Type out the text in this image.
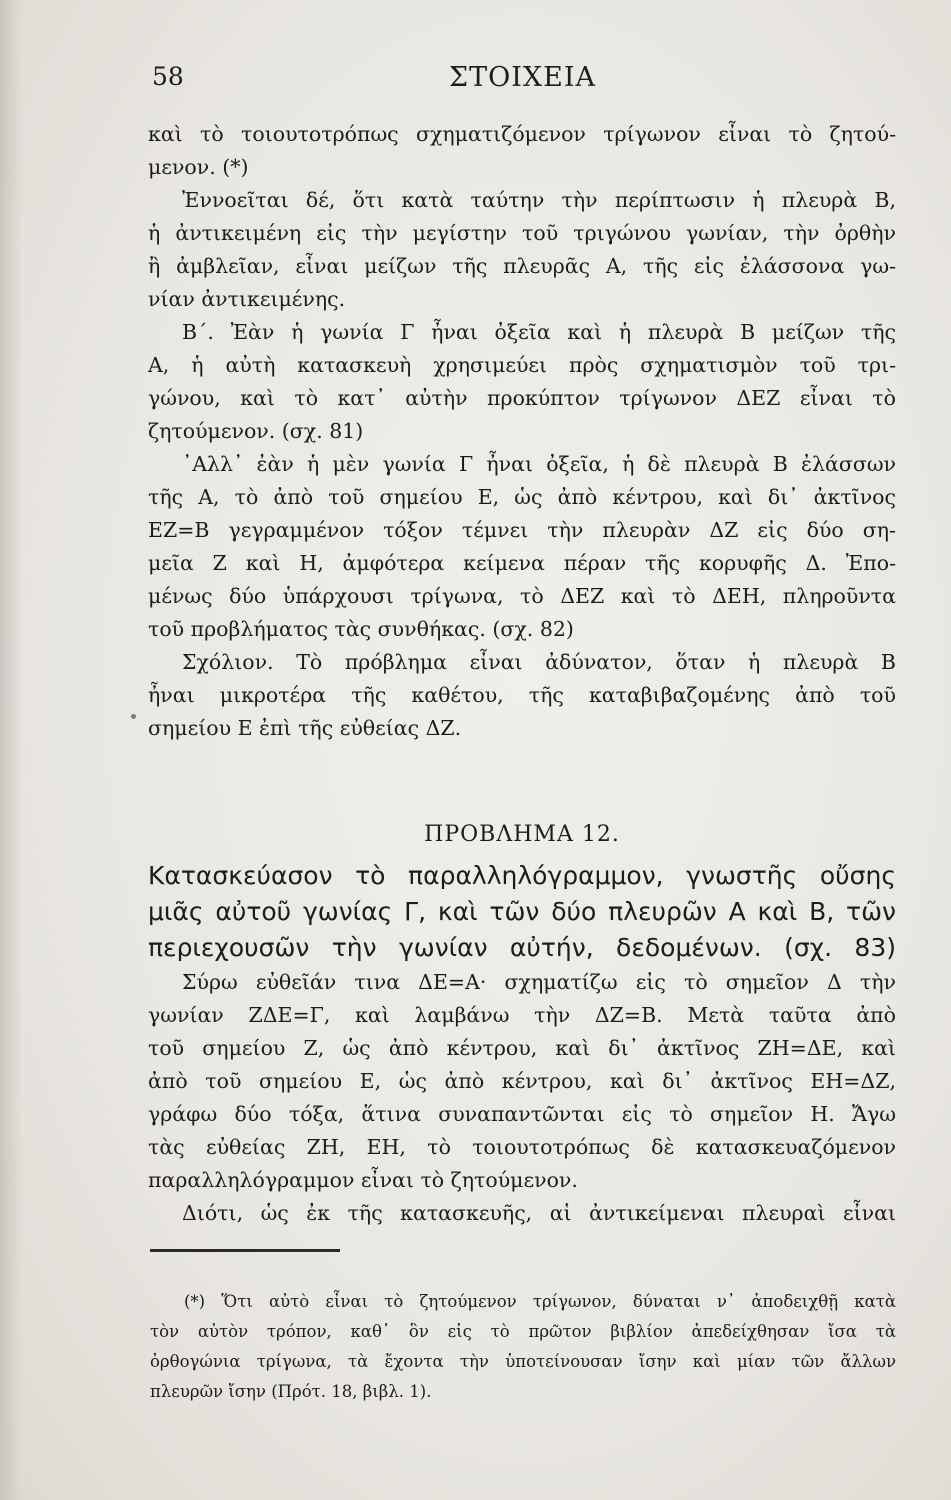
58	ΣΤΟΙΧΕΙΑ
καὶ τὸ τοιουτοτρόπως σχηματιζόμενον τρίγωνον εἶναι τὸ ζητού-
μενον. (*)
Ἐννοεῖται δέ, ὅτι κατὰ ταύτην τὴν περίπτωσιν ἡ πλευρὰ Β,
ἡ ἀντικειμένη εἰς τὴν μεγίστην τοῦ τριγώνου γωνίαν, τὴν ὀρθὴν
ἢ ἀμβλεῖαν, εἶναι μείζων τῆς πλευρᾶς Α, τῆς εἰς ἐλάσσονα γω-
νίαν ἀντικειμένης.
Β΄. Ἐὰν ἡ γωνία Γ ἦναι ὀξεῖα καὶ ἡ πλευρὰ Β μείζων τῆς
Α, ἡ αὐτὴ κατασκευὴ χρησιμεύει πρὸς σχηματισμὸν τοῦ τρι-
γώνου, καὶ τὸ κατ᾽ αὐτὴν προκύπτον τρίγωνον ΔΕΖ εἶναι τὸ
ζητούμενον. (σχ. 81)
᾽Αλλ᾽ ἐὰν ἡ μὲν γωνία Γ ἦναι ὀξεῖα, ἡ δὲ πλευρὰ Β ἐλάσσων
τῆς Α, τὸ ἀπὸ τοῦ σημείου Ε, ὡς ἀπὸ κέντρου, καὶ δι᾽ ἀκτῖνος
ΕΖ=Β γεγραμμένον τόξον τέμνει τὴν πλευρὰν ΔΖ εἰς δύο ση-
μεῖα Ζ καὶ Η, ἀμφότερα κείμενα πέραν τῆς κορυφῆς Δ. Ἐπο-
μένως δύο ὑπάρχουσι τρίγωνα, τὸ ΔΕΖ καὶ τὸ ΔΕΗ, πληροῦντα
τοῦ προβλήματος τὰς συνθήκας. (σχ. 82)
Σχόλιον. Τὸ πρόβλημα εἶναι ἀδύνατον, ὅταν ἡ πλευρὰ Β
ἦναι μικροτέρα τῆς καθέτου, τῆς καταβιβαζομένης ἀπὸ τοῦ
σημείου Ε ἐπὶ τῆς εὐθείας ΔΖ.
ΠΡΟΒΛΗΜΑ 12.
Κατασκεύασον τὸ παραλληλόγραμμον, γνωστῆς οὔσης
μιᾶς αὐτοῦ γωνίας Γ, καὶ τῶν δύο πλευρῶν Α καὶ Β, τῶν
περιεχουσῶν τὴν γωνίαν αὐτήν, δεδομένων. (σχ. 83)
Σύρω εὐθεῖάν τινα ΔΕ=Α· σχηματίζω εἰς τὸ σημεῖον Δ τὴν
γωνίαν ΖΔΕ=Γ, καὶ λαμβάνω τὴν ΔΖ=Β. Μετὰ ταῦτα ἀπὸ
τοῦ σημείου Ζ, ὡς ἀπὸ κέντρου, καὶ δι᾽ ἀκτῖνος ΖΗ=ΔΕ, καὶ
ἀπὸ τοῦ σημείου Ε, ὡς ἀπὸ κέντρου, καὶ δι᾽ ἀκτῖνος ΕΗ=ΔΖ,
γράφω δύο τόξα, ἅτινα συναπαντῶνται εἰς τὸ σημεῖον Η. Ἄγω
τὰς εὐθείας ΖΗ, ΕΗ, τὸ τοιουτοτρόπως δὲ κατασκευαζόμενον
παραλληλόγραμμον εἶναι τὸ ζητούμενον.
Διότι, ὡς ἐκ τῆς κατασκευῆς, αἱ ἀντικείμεναι πλευραὶ εἶναι
(*) Ὅτι αὐτὸ εἶναι τὸ ζητούμενον τρίγωνον, δύναται ν᾽ ἀποδειχθῇ κατὰ
τὸν αὐτὸν τρόπον, καθ᾽ ὃν εἰς τὸ πρῶτον βιβλίον ἀπεδείχθησαν ἴσα τὰ
ὀρθογώνια τρίγωνα, τὰ ἔχοντα τὴν ὑποτείνουσαν ἴσην καὶ μίαν τῶν ἄλλων
πλευρῶν ἴσην (Πρότ. 18, βιβλ. 1).
